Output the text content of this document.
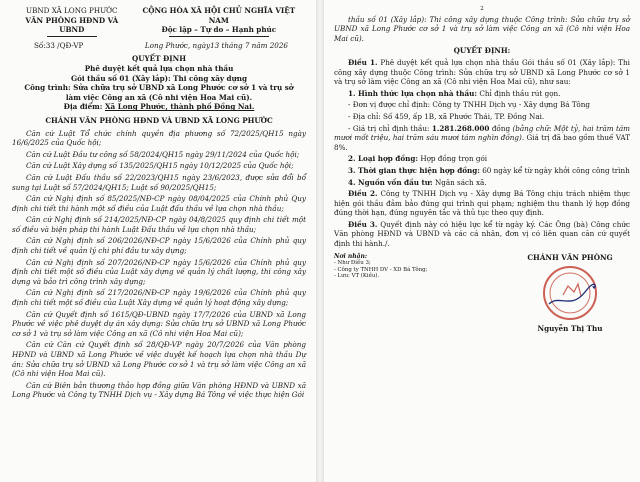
UBND XÃ LONG PHƯỚC
VĂN PHÒNG HĐND VÀ UBND
CỘNG HÒA XÃ HỘI CHỦ NGHĨA VIỆT NAM
Độc lập – Tự do – Hạnh phúc
Số:33 /QĐ-VP	Long Phước, ngày13 tháng 7 năm 2026
QUYẾT ĐỊNH
Phê duyệt kết quả lựa chọn nhà thầu
Gói thầu số 01 (Xây lắp): Thi công xây dựng
Công trình: Sửa chữa trụ sở UBND xã Long Phước cơ sở 1 và trụ sở
làm việc Công an xã (Cô nhi viện Hoa Mai cũ).
Địa điểm: Xã Long Phước, thành phố Đồng Nai.
CHÁNH VĂN PHÒNG HĐND VÀ UBND XÃ LONG PHƯỚC

Căn cứ Luật Tổ chức chính quyền địa phương số 72/2025/QH15 ngày 16/6/2025 của Quốc hội;

Căn cứ Luật Đầu tư công số 58/2024/QH15 ngày 29/11/2024 của Quốc hội;

Căn cứ Luật Xây dựng số 135/2025/QH15 ngày 10/12/2025 của Quốc hội;

Căn cứ Luật Đấu thầu số 22/2023/QH15 ngày 23/6/2023, được sửa đổi bổ sung tại Luật số 57/2024/QH15; Luật số 90/2025/QH15;

Căn cứ Nghị định số 85/2025/NĐ-CP ngày 08/04/2025 của Chính phủ Quy định chi tiết thi hành một số điều của Luật đấu thầu về lựa chọn nhà thầu;

Căn cứ Nghị định số 214/2025/NĐ-CP ngày 04/8/2025 quy định chi tiết một số điều và biện pháp thi hành Luật Đấu thầu về lựa chọn nhà thầu;

Căn cứ Nghị định số 206/2026/NĐ-CP ngày 15/6/2026 của Chính phủ quy định chi tiết về quản lý chi phí đầu tư xây dựng;

Căn cứ Nghị định số 207/2026/NĐ-CP ngày 15/6/2026 của Chính phủ quy định chi tiết một số điều của Luật xây dựng về quản lý chất lượng, thi công xây dựng và bảo trì công trình xây dựng;

Căn cứ Nghị định số 217/2026/NĐ-CP ngày 19/6/2026 của Chính phủ quy định chi tiết một số điều của Luật Xây dựng về quản lý hoạt động xây dựng;

Căn cứ Quyết định số 1615/QĐ-UBND ngày 17/7/2026 của UBND xã Long Phước về việc phê duyệt dự án xây dựng: Sửa chữa trụ sở UBND xã Long Phước cơ sở 1 và trụ sở làm việc Công an xã (Cô nhi viện Hoa Mai cũ);

Căn cứ Căn cứ Quyết định số 28/QĐ-VP ngày 20/7/2026 của Văn phòng HĐND và UBND xã Long Phước về việc duyệt kế hoạch lựa chọn nhà thầu Dự án: Sửa chữa trụ sở UBND xã Long Phước cơ sở 1 và trụ sở làm việc Công an xã (Cô nhi viện Hoa Mai cũ).

Căn cứ Biên bản thương thảo hợp đồng giữa Văn phòng HĐND và UBND xã Long Phước và Công ty TNHH Dịch vụ - Xây dựng Bá Tông về việc thực hiện Gói

2

thầu số 01 (Xây lắp): Thi công xây dựng thuộc Công trình: Sửa chữa trụ sở UBND xã Long Phước cơ sở 1 và trụ sở làm việc Công an xã (Cô nhi viện Hoa Mai cũ).

QUYẾT ĐỊNH:

Điều 1. Phê duyệt kết quả lựa chọn nhà thầu Gói thầu số 01 (Xây lắp): Thi công xây dựng thuộc Công trình: Sửa chữa trụ sở UBND xã Long Phước cơ sở 1 và trụ sở làm việc Công an xã (Cô nhi viện Hoa Mai cũ), như sau:

1. Hình thức lựa chọn nhà thầu: Chỉ định thầu rút gọn.

- Đơn vị được chỉ định: Công ty TNHH Dịch vụ - Xây dựng Bá Tông

- Địa chỉ: Số 459, ấp 1B, xã Phước Thái, TP. Đồng Nai.

- Giá trị chỉ định thầu: 1.281.268.000 đồng (bằng chữ: Một tỷ, hai trăm tám mươi mốt triệu, hai trăm sáu mươi tám nghìn đồng). Giá trị đã bao gồm thuế VAT 8%.

2. Loại hợp đồng: Hợp đồng trọn gói

3. Thời gian thực hiện hợp đồng: 60 ngày kể từ ngày khởi công công trình

4. Nguồn vốn đầu tư: Ngân sách xã.

Điều 2. Công ty TNHH Dịch vụ - Xây dựng Bá Tông chịu trách nhiệm thực hiện gói thầu đảm bảo đúng qui trình qui phạm; nghiệm thu thanh lý hợp đồng đúng thời hạn, đúng nguyên tắc và thủ tục theo quy định.

Điều 3. Quyết định này có hiệu lực kể từ ngày ký. Các Ông (bà) Công chức Văn phòng HĐND và UBND và các cá nhân, đơn vị có liên quan căn cứ quyết định thi hành./.

Nơi nhận:
- Như Điều 3;
- Công ty TNHH DV - XD Bá Tông;
- Lưu: VT (Kiều).
CHÁNH VĂN PHÒNG
Nguyễn Thị Thu
